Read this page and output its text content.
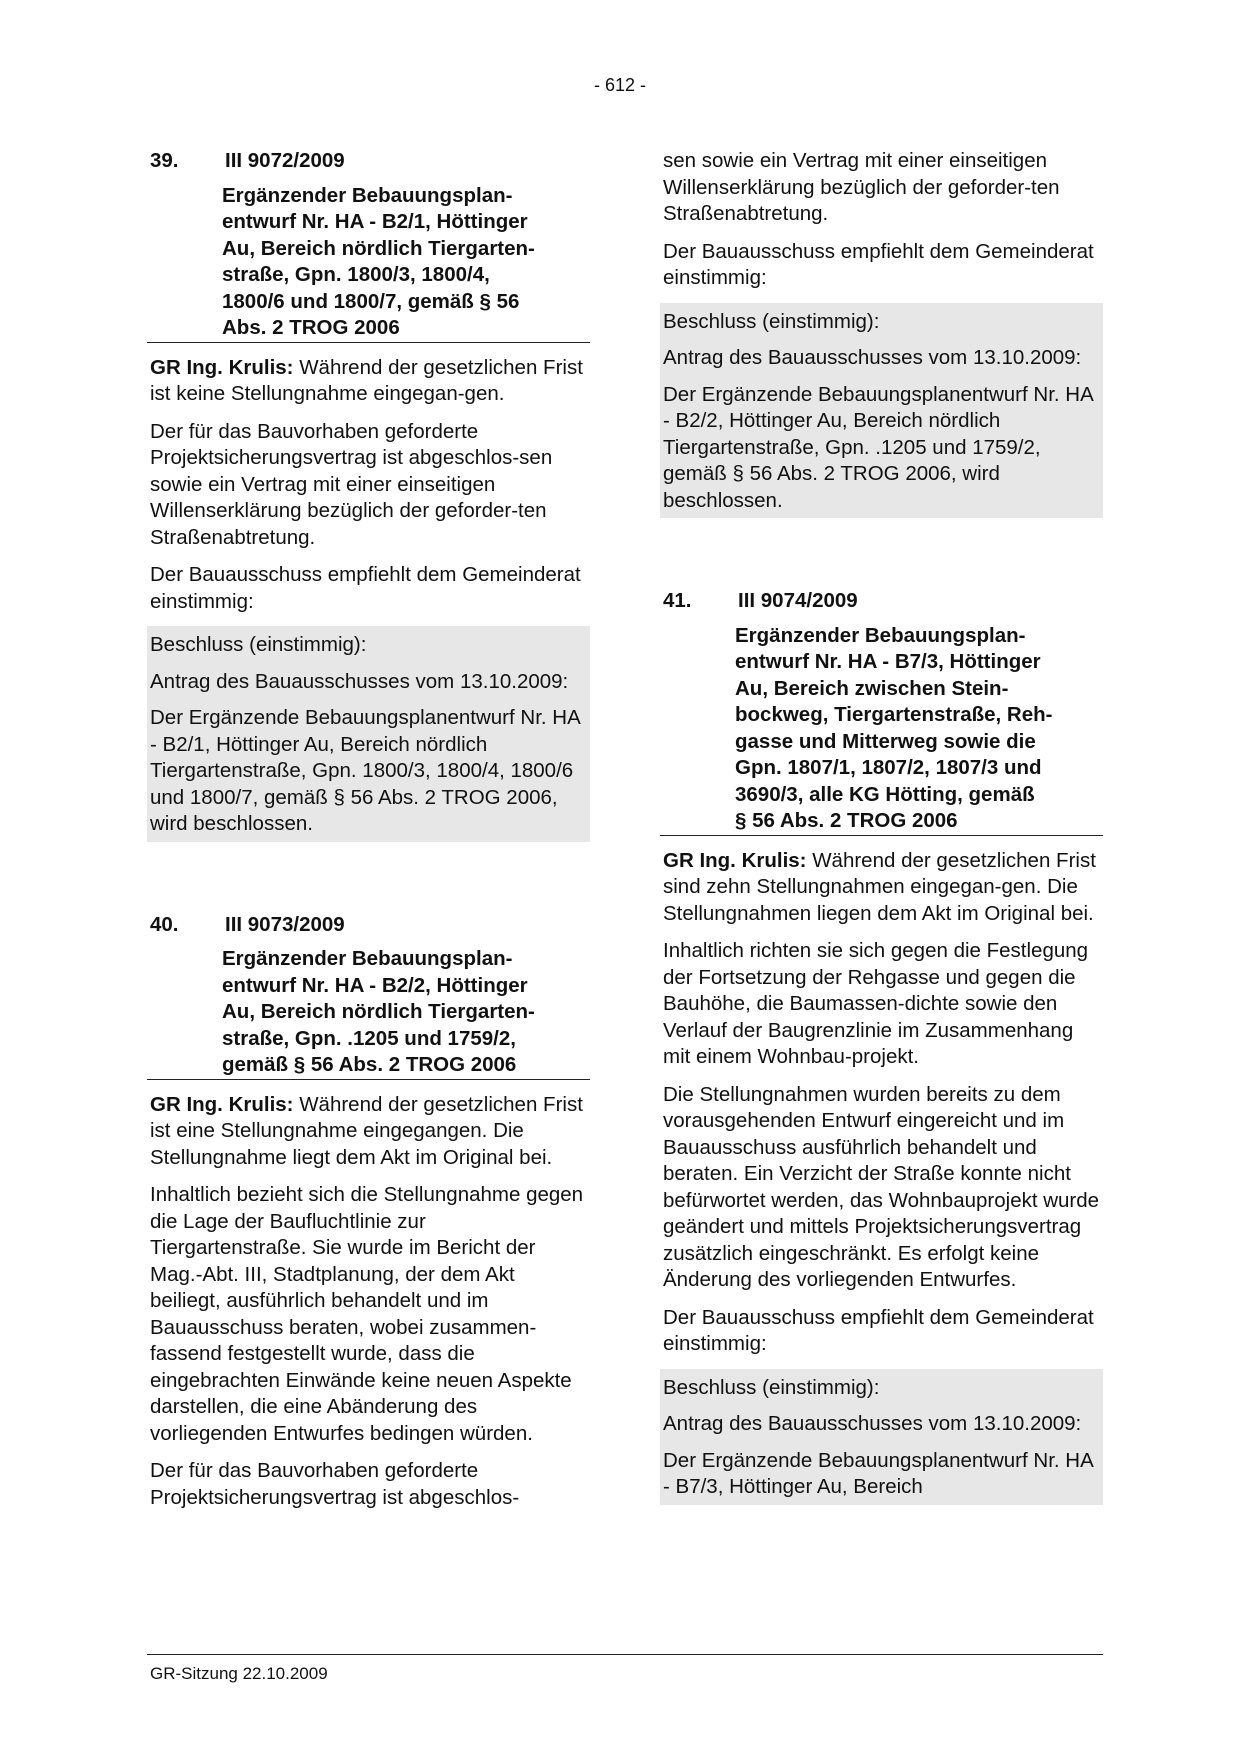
- 612 -
39.	III 9072/2009
Ergänzender Bebauungsplan-
entwurf Nr. HA - B2/1, Höttinger
Au, Bereich nördlich Tiergarten-
straße, Gpn. 1800/3, 1800/4,
1800/6 und 1800/7, gemäß § 56
Abs. 2 TROG 2006

GR Ing. Krulis: Während der gesetzlichen Frist ist keine Stellungnahme eingegan-gen.

Der für das Bauvorhaben geforderte Projektsicherungsvertrag ist abgeschlos-sen sowie ein Vertrag mit einer einseitigen Willenserklärung bezüglich der geforder-ten Straßenabtretung.

Der Bauausschuss empfiehlt dem Gemeinderat einstimmig:

Beschluss (einstimmig):

Antrag des Bauausschusses vom 13.10.2009:

Der Ergänzende Bebauungsplanentwurf Nr. HA - B2/1, Höttinger Au, Bereich nördlich Tiergartenstraße, Gpn. 1800/3, 1800/4, 1800/6 und 1800/7, gemäß § 56 Abs. 2 TROG 2006, wird beschlossen.

40.	III 9073/2009
Ergänzender Bebauungsplan-
entwurf Nr. HA - B2/2, Höttinger
Au, Bereich nördlich Tiergarten-
straße, Gpn. .1205 und 1759/2,
gemäß § 56 Abs. 2 TROG 2006

GR Ing. Krulis: Während der gesetzlichen Frist ist eine Stellungnahme eingegangen. Die Stellungnahme liegt dem Akt im Original bei.

Inhaltlich bezieht sich die Stellungnahme gegen die Lage der Baufluchtlinie zur Tiergartenstraße. Sie wurde im Bericht der Mag.-Abt. III, Stadtplanung, der dem Akt beiliegt, ausführlich behandelt und im Bauausschuss beraten, wobei zusammen-fassend festgestellt wurde, dass die eingebrachten Einwände keine neuen Aspekte darstellen, die eine Abänderung des vorliegenden Entwurfes bedingen würden.

Der für das Bauvorhaben geforderte Projektsicherungsvertrag ist abgeschlos-

sen sowie ein Vertrag mit einer einseitigen Willenserklärung bezüglich der geforder-ten Straßenabtretung.

Der Bauausschuss empfiehlt dem Gemeinderat einstimmig:

Beschluss (einstimmig):

Antrag des Bauausschusses vom 13.10.2009:

Der Ergänzende Bebauungsplanentwurf Nr. HA - B2/2, Höttinger Au, Bereich nördlich Tiergartenstraße, Gpn. .1205 und 1759/2, gemäß § 56 Abs. 2 TROG 2006, wird beschlossen.

41.	III 9074/2009
Ergänzender Bebauungsplan-
entwurf Nr. HA - B7/3, Höttinger
Au, Bereich zwischen Stein-
bockweg, Tiergartenstraße, Reh-
gasse und Mitterweg sowie die
Gpn. 1807/1, 1807/2, 1807/3 und
3690/3, alle KG Hötting, gemäß
§ 56 Abs. 2 TROG 2006

GR Ing. Krulis: Während der gesetzlichen Frist sind zehn Stellungnahmen eingegan-gen. Die Stellungnahmen liegen dem Akt im Original bei.

Inhaltlich richten sie sich gegen die Festlegung der Fortsetzung der Rehgasse und gegen die Bauhöhe, die Baumassen-dichte sowie den Verlauf der Baugrenzlinie im Zusammenhang mit einem Wohnbau-projekt.

Die Stellungnahmen wurden bereits zu dem vorausgehenden Entwurf eingereicht und im Bauausschuss ausführlich behandelt und beraten. Ein Verzicht der Straße konnte nicht befürwortet werden, das Wohnbauprojekt wurde geändert und mittels Projektsicherungsvertrag zusätzlich eingeschränkt. Es erfolgt keine Änderung des vorliegenden Entwurfes.

Der Bauausschuss empfiehlt dem Gemeinderat einstimmig:

Beschluss (einstimmig):

Antrag des Bauausschusses vom 13.10.2009:

Der Ergänzende Bebauungsplanentwurf Nr. HA - B7/3, Höttinger Au, Bereich

GR-Sitzung 22.10.2009
